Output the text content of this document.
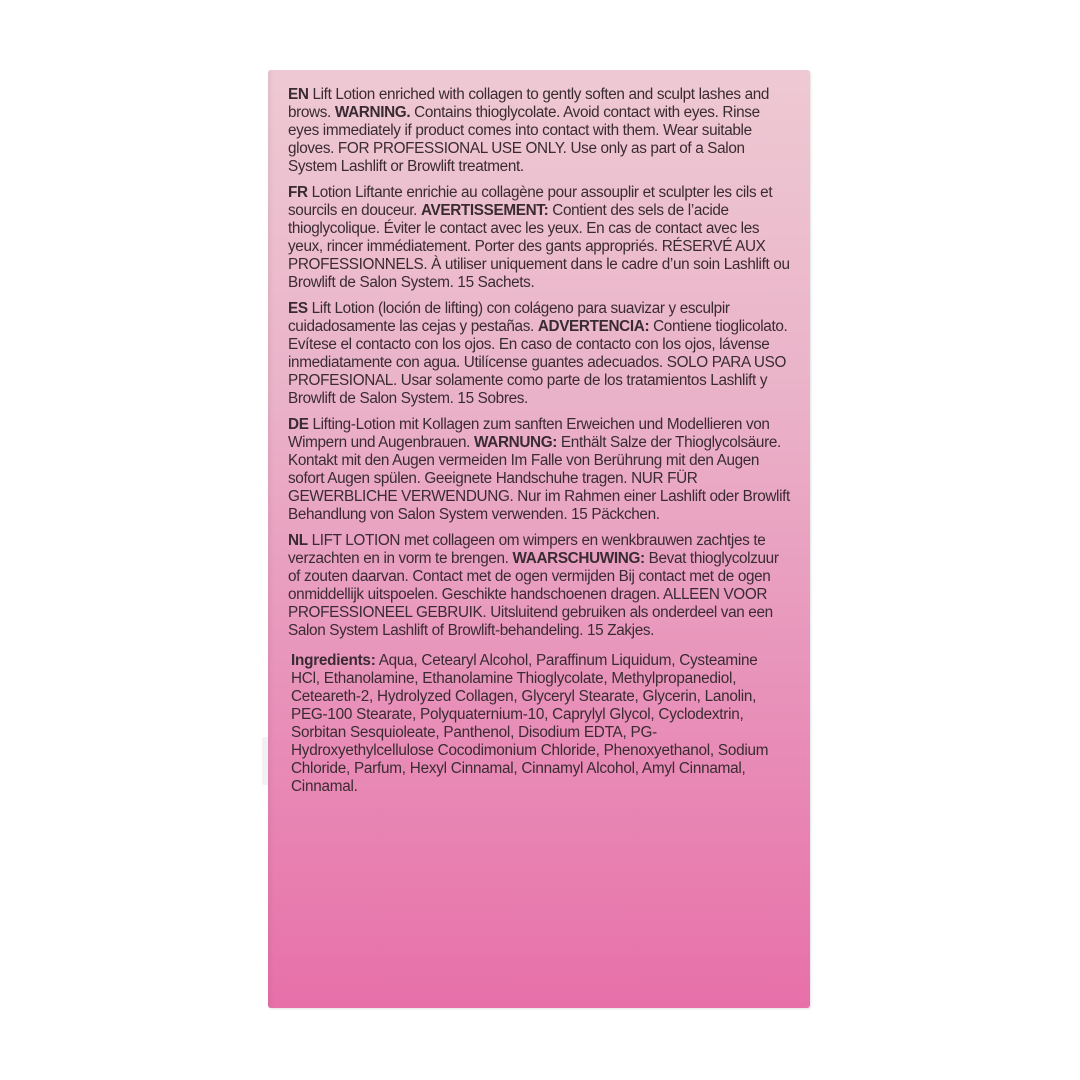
EN Lift Lotion enriched with collagen to gently soften and sculpt lashes and brows. WARNING. Contains thioglycolate. Avoid contact with eyes. Rinse eyes immediately if product comes into contact with them. Wear suitable gloves. FOR PROFESSIONAL USE ONLY. Use only as part of a Salon System Lashlift or Browlift treatment.

FR Lotion Liftante enrichie au collagène pour assouplir et sculpter les cils et sourcils en douceur. AVERTISSEMENT: Contient des sels de l’acide thioglycolique. Éviter le contact avec les yeux. En cas de contact avec les yeux, rincer immédiatement. Porter des gants appropriés. RÉSERVÉ AUX PROFESSIONNELS. À utiliser uniquement dans le cadre d’un soin Lashlift ou Browlift de Salon System. 15 Sachets.

ES Lift Lotion (loción de lifting) con colágeno para suavizar y esculpir cuidadosamente las cejas y pestañas. ADVERTENCIA: Contiene tioglicolato. Evítese el contacto con los ojos. En caso de contacto con los ojos, lávense inmediatamente con agua. Utilícense guantes adecuados. SOLO PARA USO PROFESIONAL. Usar solamente como parte de los tratamientos Lashlift y Browlift de Salon System. 15 Sobres.

DE Lifting-Lotion mit Kollagen zum sanften Erweichen und Modellieren von Wimpern und Augenbrauen. WARNUNG: Enthält Salze der Thioglycolsäure. Kontakt mit den Augen vermeiden Im Falle von Berührung mit den Augen sofort Augen spülen. Geeignete Handschuhe tragen. NUR FÜR GEWERBLICHE VERWENDUNG. Nur im Rahmen einer Lashlift oder Browlift Behandlung von Salon System verwenden. 15 Päckchen.

NL LIFT LOTION met collageen om wimpers en wenkbrauwen zachtjes te verzachten en in vorm te brengen. WAARSCHUWING: Bevat thioglycolzuur of zouten daarvan. Contact met de ogen vermijden Bij contact met de ogen onmiddellijk uitspoelen. Geschikte handschoenen dragen. ALLEEN VOOR PROFESSIONEEL GEBRUIK. Uitsluitend gebruiken als onderdeel van een Salon System Lashlift of Browlift-behandeling. 15 Zakjes.

Ingredients: Aqua, Cetearyl Alcohol, Paraffinum Liquidum, Cysteamine HCl, Ethanolamine, Ethanolamine Thioglycolate, Methylpropanediol, Ceteareth-2, Hydrolyzed Collagen, Glyceryl Stearate, Glycerin, Lanolin, PEG-100 Stearate, Polyquaternium-10, Caprylyl Glycol, Cyclodextrin, Sorbitan Sesquioleate, Panthenol, Disodium EDTA, PG-Hydroxyethylcellulose Cocodimonium Chloride, Phenoxyethanol, Sodium Chloride, Parfum, Hexyl Cinnamal, Cinnamyl Alcohol, Amyl Cinnamal, Cinnamal.
